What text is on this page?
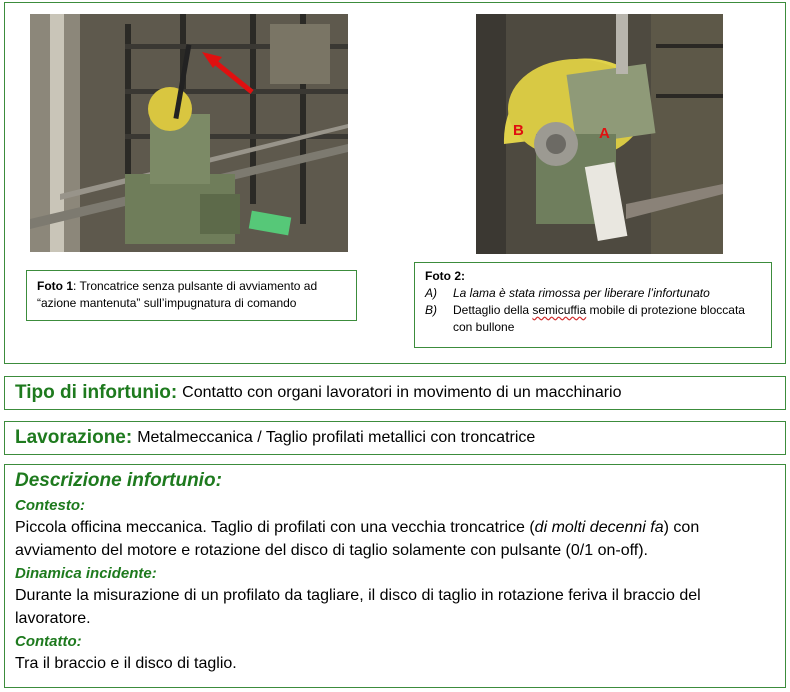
B	A
Foto 1: Troncatrice senza pulsante di avviamento ad “azione mantenuta” sull’impugnatura di comando
Foto 2:
A)	La lama è stata rimossa per liberare l’infortunato
B)	Dettaglio della semicuffia mobile di protezione bloccata con bullone
Tipo di infortunio: Contatto con organi lavoratori in movimento di un macchinario
Lavorazione: Metalmeccanica / Taglio profilati metallici con troncatrice
Descrizione infortunio:
Contesto:
Piccola officina meccanica. Taglio di profilati con una vecchia troncatrice (di molti decenni fa) con avviamento del motore e rotazione del disco di taglio solamente con pulsante (0/1 on-off).
Dinamica incidente:
Durante la misurazione di un profilato da tagliare, il disco di taglio in rotazione feriva il braccio del lavoratore.
Contatto:
Tra il braccio e il disco di taglio.
